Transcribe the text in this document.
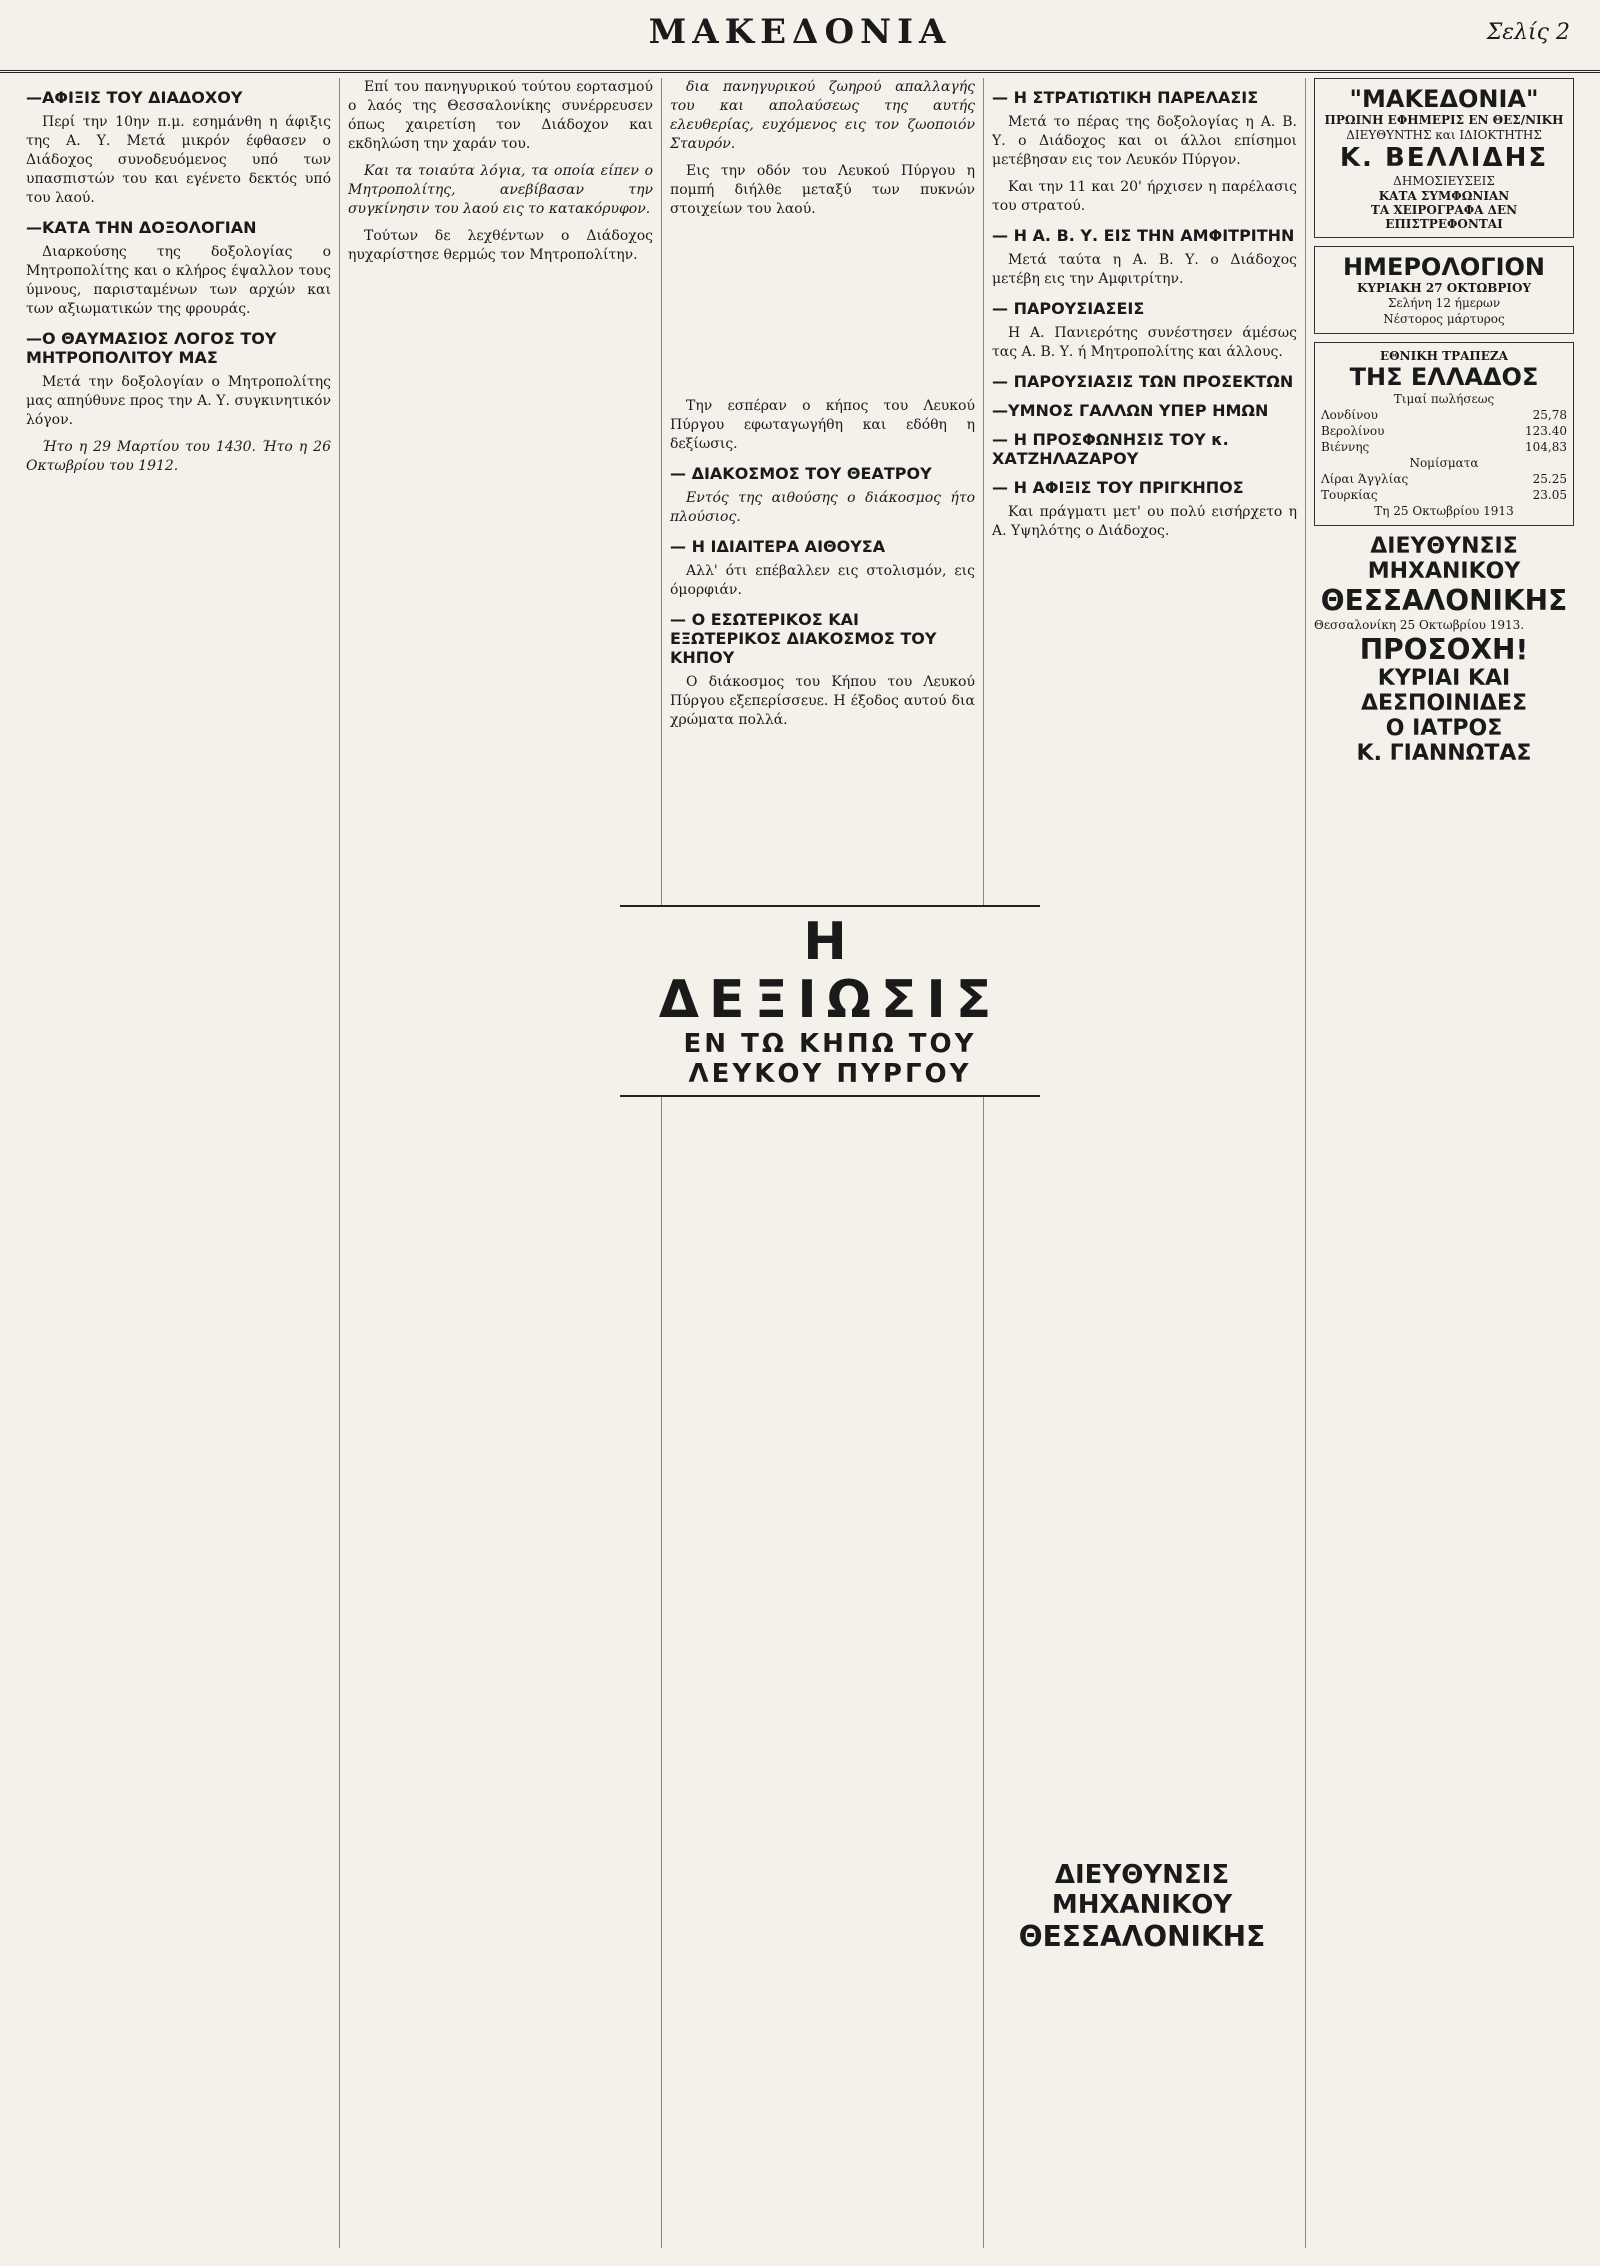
ΜΑΚΕΔΟΝΙΑ	Σελίς 2
—ΑΦΙΞΙΣ ΤΟΥ ΔΙΑΔΟΧΟΥ

Περί την 10ην π.μ. εσημάνθη η άφιξις της Α. Υ. Μετά μικρόν έφθασεν ο Διάδοχος συνοδευόμενος υπό των υπασπιστών του και εγένετο δεκτός υπό του λαού.

—ΚΑΤΑ ΤΗΝ ΔΟΞΟΛΟΓΙΑΝ

Διαρκούσης της δοξολογίας ο Μητροπολίτης και ο κλήρος έψαλλον τους ύμνους, παρισταμένων των αρχών και των αξιωματικών της φρουράς.

—Ο ΘΑΥΜΑΣΙΟΣ ΛΟΓΟΣ ΤΟΥ ΜΗΤΡΟΠΟΛΙΤΟΥ ΜΑΣ

Μετά την δοξολογίαν ο Μητροπολίτης μας απηύθυνε προς την Α. Υ. συγκινητικόν λόγον.

Ήτο η 29 Μαρτίου του 1430. Ήτο η 26 Οκτωβρίου του 1912.

Επί του πανηγυρικού τούτου εορτασμού ο λαός της Θεσσαλονίκης συνέρρευσεν όπως χαιρετίση τον Διάδοχον και εκδηλώση την χαράν του.

Και τα τοιαύτα λόγια, τα οποία είπεν ο Μητροπολίτης, ανεβίβασαν την συγκίνησιν του λαού εις το κατακόρυφον.

Τούτων δε λεχθέντων ο Διάδοχος ηυχαρίστησε θερμώς τον Μητροπολίτην.

δια πανηγυρικού ζωηρού απαλλαγής του και απολαύσεως της αυτής ελευθερίας, ευχόμενος εις τον ζωοποιόν Σταυρόν.

Εις την οδόν του Λευκού Πύργου η πομπή διήλθε μεταξύ των πυκνών στοιχείων του λαού.

Την εσπέραν ο κήπος του Λευκού Πύργου εφωταγωγήθη και εδόθη η δεξίωσις.

— ΔΙΑΚΟΣΜΟΣ ΤΟΥ ΘΕΑΤΡΟΥ

Εντός της αιθούσης ο διάκοσμος ήτο πλούσιος.

— Η ΙΔΙΑΙΤΕΡΑ ΑΙΘΟΥΣΑ

Αλλ' ότι επέβαλλεν εις στολισμόν, εις όμορφιάν.

— Ο ΕΣΩΤΕΡΙΚΟΣ ΚΑΙ ΕΞΩΤΕΡΙΚΟΣ ΔΙΑΚΟΣΜΟΣ ΤΟΥ ΚΗΠΟΥ

Ο διάκοσμος του Κήπου του Λευκού Πύργου εξεπερίσσευε. Η έξοδος αυτού δια χρώματα πολλά.

— Η ΣΤΡΑΤΙΩΤΙΚΗ ΠΑΡΕΛΑΣΙΣ

Μετά το πέρας της δοξολογίας η Α. Β. Υ. ο Διάδοχος και οι άλλοι επίσημοι μετέβησαν εις τον Λευκόν Πύργον.

Και την 11 και 20' ήρχισεν η παρέλασις του στρατού.

— Η Α. Β. Υ. ΕΙΣ ΤΗΝ ΑΜΦΙΤΡΙΤΗΝ

Μετά ταύτα η Α. Β. Υ. ο Διάδοχος μετέβη εις την Αμφιτρίτην.

— ΠΑΡΟΥΣΙΑΣΕΙΣ

Η Α. Πανιερότης συνέστησεν άμέσως τας Α. Β. Υ. ή Μητροπολίτης και άλλους.

— ΠΑΡΟΥΣΙΑΣΙΣ ΤΩΝ ΠΡΟΣΕΚΤΩΝ
—ΥΜΝΟΣ ΓΑΛΛΩΝ ΥΠΕΡ ΗΜΩΝ
— Η ΠΡΟΣΦΩΝΗΣΙΣ ΤΟΥ κ. ΧΑΤΖΗΛΑΖΑΡΟΥ
— Η ΑΦΙΞΙΣ ΤΟΥ ΠΡΙΓΚΗΠΟΣ

Και πράγματι μετ' ου πολύ εισήρχετο η Α. Υψηλότης ο Διάδοχος.

"ΜΑΚΕΔΟΝΙΑ"
ΠΡΩΙΝΗ ΕΦΗΜΕΡΙΣ ΕΝ ΘΕΣ/ΝΙΚΗ
ΔΙΕΥΘΥΝΤΗΣ και ΙΔΙΟΚΤΗΤΗΣ
Κ. ΒΕΛΛΙΔΗΣ
ΔΗΜΟΣΙΕΥΣΕΙΣ
ΚΑΤΑ ΣΥΜΦΩΝΙΑΝ
ΤΑ ΧΕΙΡΟΓΡΑΦΑ ΔΕΝ ΕΠΙΣΤΡΕΦΟΝΤΑΙ
ΗΜΕΡΟΛΟΓΙΟΝ
ΚΥΡΙΑΚΗ 27 ΟΚΤΩΒΡΙΟΥ
Σελήνη 12 ήμερων
Νέστορος μάρτυρος
ΕΘΝΙΚΗ ΤΡΑΠΕΖΑ
ΤΗΣ ΕΛΛΑΔΟΣ
Τιμαί πωλήσεως
Λονδίνου	25,78
Βερολίνου	123.40
Βιέννης	104,83
Νομίσματα
Λίραι Άγγλίας	25.25
Τουρκίας	23.05
Τη 25 Οκτωβρίου 1913
ΔΙΕΥΘΥΝΣΙΣ ΜΗΧΑΝΙΚΟΥ
ΘΕΣΣΑΛΟΝΙΚΗΣ
Θεσσαλονίκη 25 Οκτωβρίου 1913.
ΠΡΟΣΟΧΗ!
ΚΥΡΙΑΙ ΚΑΙ ΔΕΣΠΟΙΝΙΔΕΣ
Ο ΙΑΤΡΟΣ
Κ. ΓΙΑΝΝΩΤΑΣ
Η ΔΕΞΙΩΣΙΣ
ΕΝ ΤΩ ΚΗΠΩ ΤΟΥ ΛΕΥΚΟΥ ΠΥΡΓΟΥ
ΔΙΕΥΘΥΝΣΙΣ ΜΗΧΑΝΙΚΟΥ
ΘΕΣΣΑΛΟΝΙΚΗΣ
